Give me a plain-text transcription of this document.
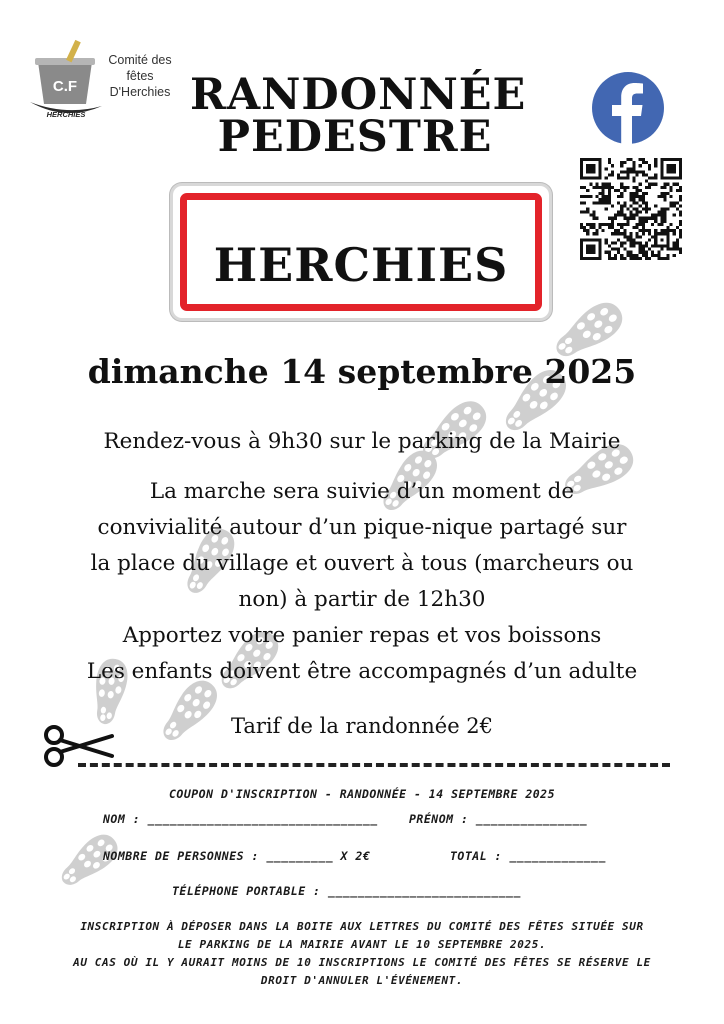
C.F
HERCHIES
Comité des
fêtes
D'Herchies RANDONNÉE
PEDESTRE
HERCHIES
dimanche 14 septembre 2025
Rendez-vous à 9h30 sur le parking de la Mairie
La marche sera suivie d’un moment de
convivialité autour d’un pique-nique partagé sur
la place du village et ouvert à tous (marcheurs ou
non) à partir de 12h30
Apportez votre panier repas et vos boissons
Les enfants doivent être accompagnés d’un adulte
Tarif de la randonnée 2€
COUPON D'INSCRIPTION - RANDONNÉE - 14 SEPTEMBRE 2025
NOM : _______________________________	PRÉNOM : _______________
NOMBRE DE PERSONNES : _________ X 2€	TOTAL : _____________
TÉLÉPHONE PORTABLE : __________________________
INSCRIPTION À DÉPOSER DANS LA BOITE AUX LETTRES DU COMITÉ DES FÊTES SITUÉE SUR
LE PARKING DE LA MAIRIE AVANT LE 10 SEPTEMBRE 2025.
AU CAS OÙ IL Y AURAIT MOINS DE 10 INSCRIPTIONS LE COMITÉ DES FÊTES SE RÉSERVE LE
DROIT D'ANNULER L'ÉVÉNEMENT.
